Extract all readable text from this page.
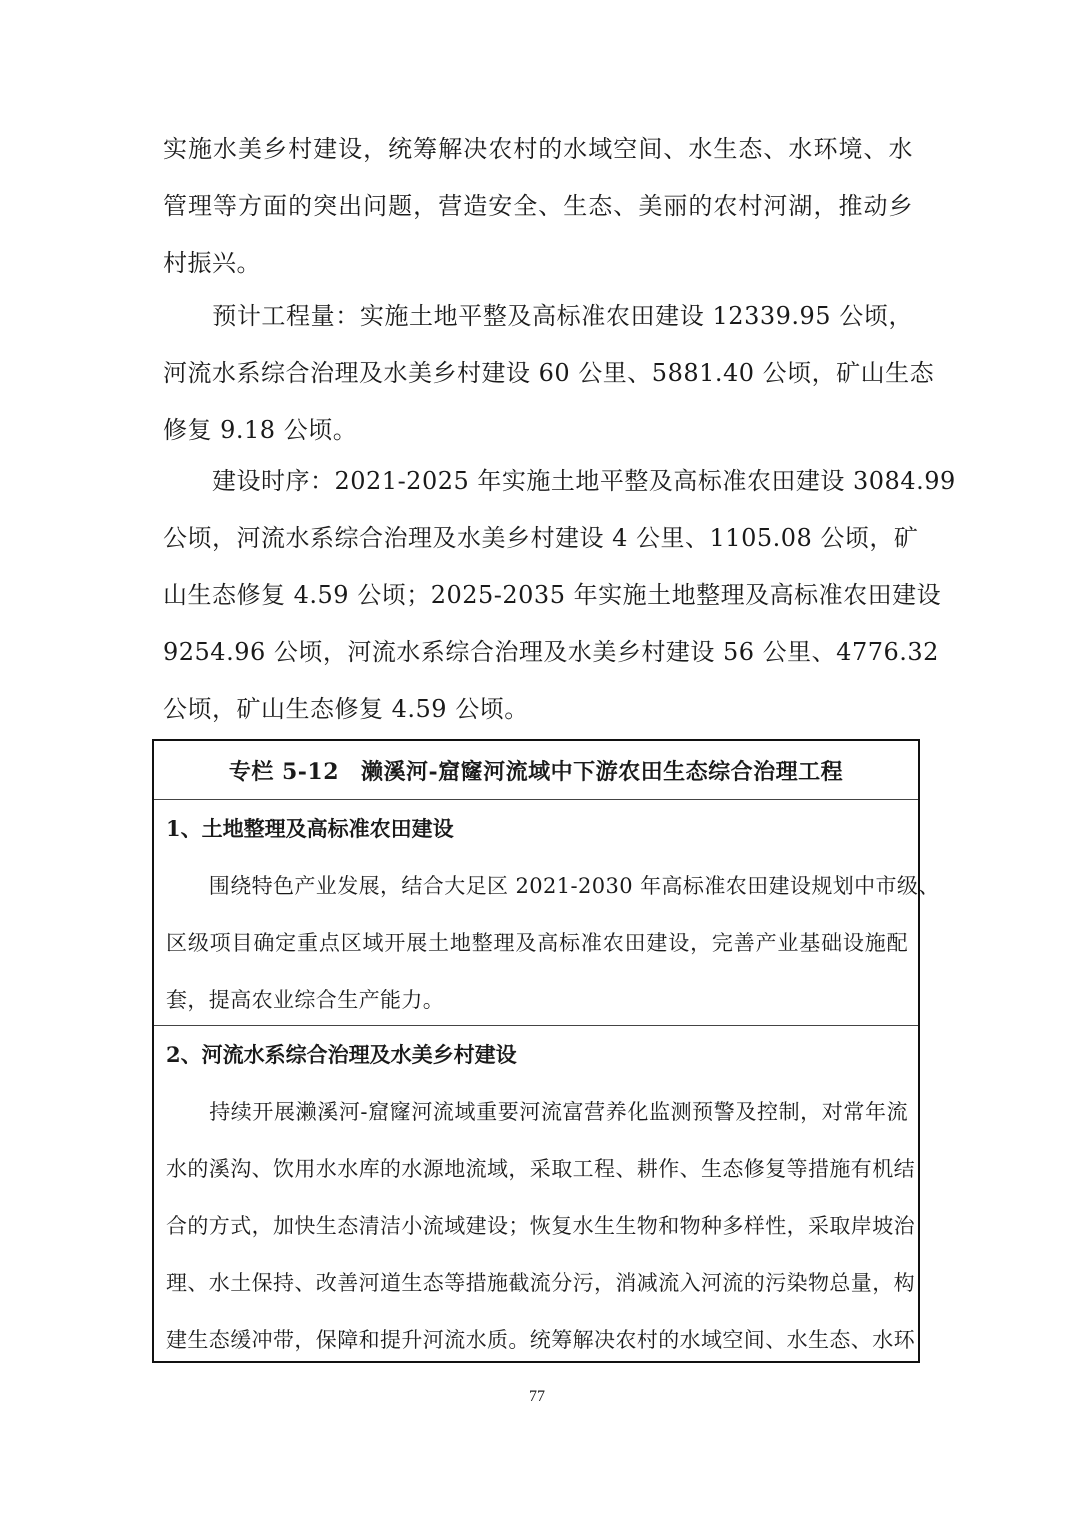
实施水美乡村建设，统筹解决农村的水域空间、水生态、水环境、水
管理等方面的突出问题，营造安全、生态、美丽的农村河湖，推动乡
村振兴。
　　预计工程量：实施土地平整及高标准农田建设 12339.95 公顷，
河流水系综合治理及水美乡村建设 60 公里、5881.40 公顷，矿山生态
修复 9.18 公顷。
　　建设时序：2021-2025 年实施土地平整及高标准农田建设 3084.99
公顷，河流水系综合治理及水美乡村建设 4 公里、1105.08 公顷，矿
山生态修复 4.59 公顷；2025-2035 年实施土地整理及高标准农田建设
9254.96 公顷，河流水系综合治理及水美乡村建设 56 公里、4776.32
公顷，矿山生态修复 4.59 公顷。
专栏 5-12 濑溪河-窟窿河流域中下游农田生态综合治理工程
1、土地整理及高标准农田建设
　　围绕特色产业发展，结合大足区 2021-2030 年高标准农田建设规划中市级、
区级项目确定重点区域开展土地整理及高标准农田建设，完善产业基础设施配
套，提高农业综合生产能力。
2、河流水系综合治理及水美乡村建设
　　持续开展濑溪河-窟窿河流域重要河流富营养化监测预警及控制，对常年流
水的溪沟、饮用水水库的水源地流域，采取工程、耕作、生态修复等措施有机结
合的方式，加快生态清洁小流域建设；恢复水生生物和物种多样性，采取岸坡治
理、水土保持、改善河道生态等措施截流分污，消减流入河流的污染物总量，构
建生态缓冲带，保障和提升河流水质。统筹解决农村的水域空间、水生态、水环
77
